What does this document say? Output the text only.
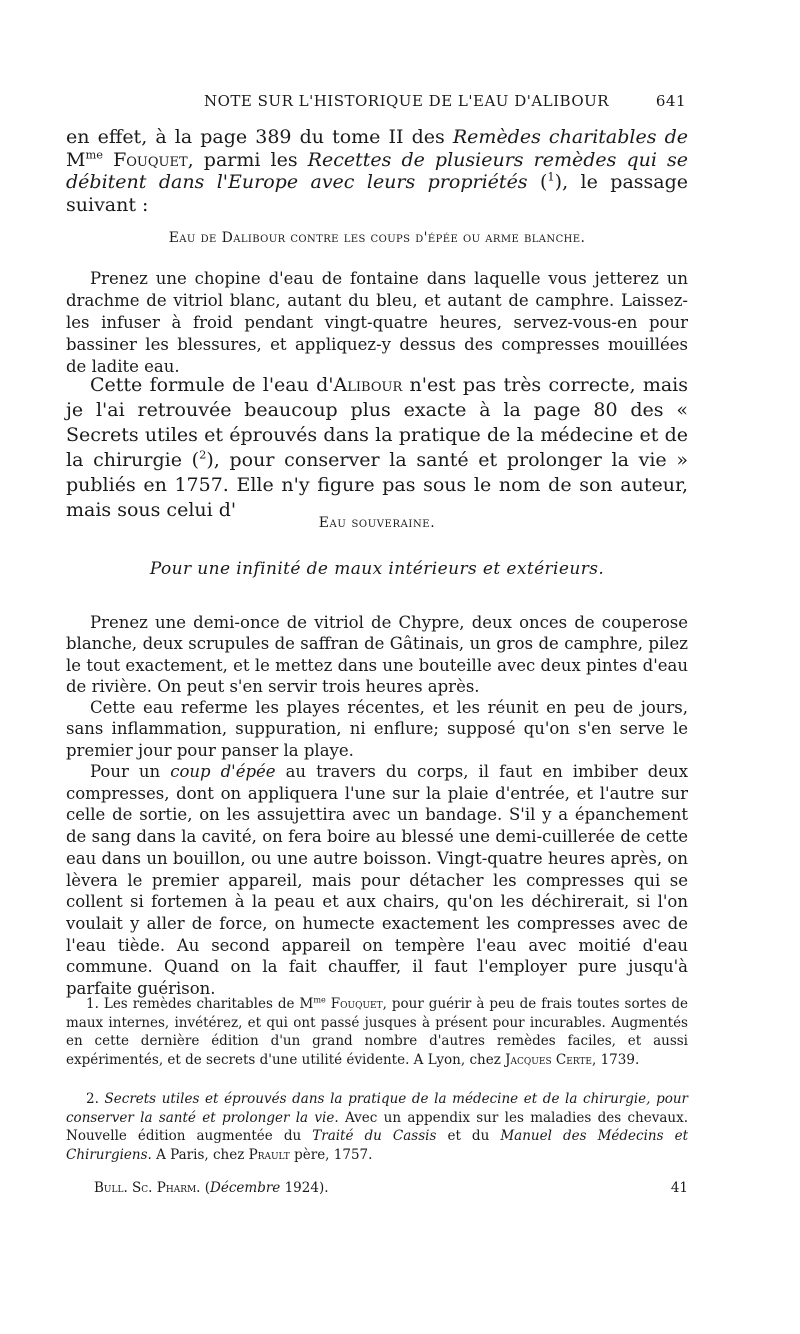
NOTE SUR L'HISTORIQUE DE L'EAU D'ALIBOUR	641
en effet, à la page 389 du tome II des Remèdes charitables de $M^{me}$ Fouquet, parmi les Recettes de plusieurs remèdes qui se débitent dans l'Europe avec leurs propriétés ($^1$), le passage suivant :
Eau de Dalibour contre les coups d'épée ou arme blanche.
Prenez une chopine d'eau de fontaine dans laquelle vous jetterez un drachme de vitriol blanc, autant du bleu, et autant de camphre. Laissez-les infuser à froid pendant vingt-quatre heures, servez-vous-en pour bassiner les blessures, et appliquez-y dessus des compresses mouillées de ladite eau.
Cette formule de l'eau d'Alibour n'est pas très correcte, mais je l'ai retrouvée beaucoup plus exacte à la page 80 des « Secrets utiles et éprouvés dans la pratique de la médecine et de la chirurgie ($^2$), pour conserver la santé et prolonger la vie » publiés en 1757. Elle n'y figure pas sous le nom de son auteur, mais sous celui d'
Eau souveraine.
Pour une infinité de maux intérieurs et extérieurs.
Prenez une demi-once de vitriol de Chypre, deux onces de couperose blanche, deux scrupules de saffran de Gâtinais, un gros de camphre, pilez le tout exactement, et le mettez dans une bouteille avec deux pintes d'eau de rivière. On peut s'en servir trois heures après.
Cette eau referme les playes récentes, et les réunit en peu de jours, sans inflammation, suppuration, ni enflure; supposé qu'on s'en serve le premier jour pour panser la playe.
Pour un coup d'épée au travers du corps, il faut en imbiber deux compresses, dont on appliquera l'une sur la plaie d'entrée, et l'autre sur celle de sortie, on les assujettira avec un bandage. S'il y a épanchement de sang dans la cavité, on fera boire au blessé une demi-cuillerée de cette eau dans un bouillon, ou une autre boisson. Vingt-quatre heures après, on lèvera le premier appareil, mais pour détacher les compresses qui se collent si fortemen à la peau et aux chairs, qu'on les déchirerait, si l'on voulait y aller de force, on humecte exactement les compresses avec de l'eau tiède. Au second appareil on tempère l'eau avec moitié d'eau commune. Quand on la fait chauffer, il faut l'employer pure jusqu'à parfaite guérison.
1. Les remèdes charitables de $M^{me}$ Fouquet, pour guérir à peu de frais toutes sortes de maux internes, invétérez, et qui ont passé jusques à présent pour incurables. Augmentés en cette dernière édition d'un grand nombre d'autres remèdes faciles, et aussi expérimentés, et de secrets d'une utilité évidente. A Lyon, chez Jacques Certe, 1739.
2. Secrets utiles et éprouvés dans la pratique de la médecine et de la chirurgie, pour conserver la santé et prolonger la vie. Avec un appendix sur les maladies des chevaux. Nouvelle édition augmentée du Traité du Cassis et du Manuel des Médecins et Chirurgiens. A Paris, chez Prault père, 1757.
Bull. Sc. Pharm. (Décembre 1924).	41
